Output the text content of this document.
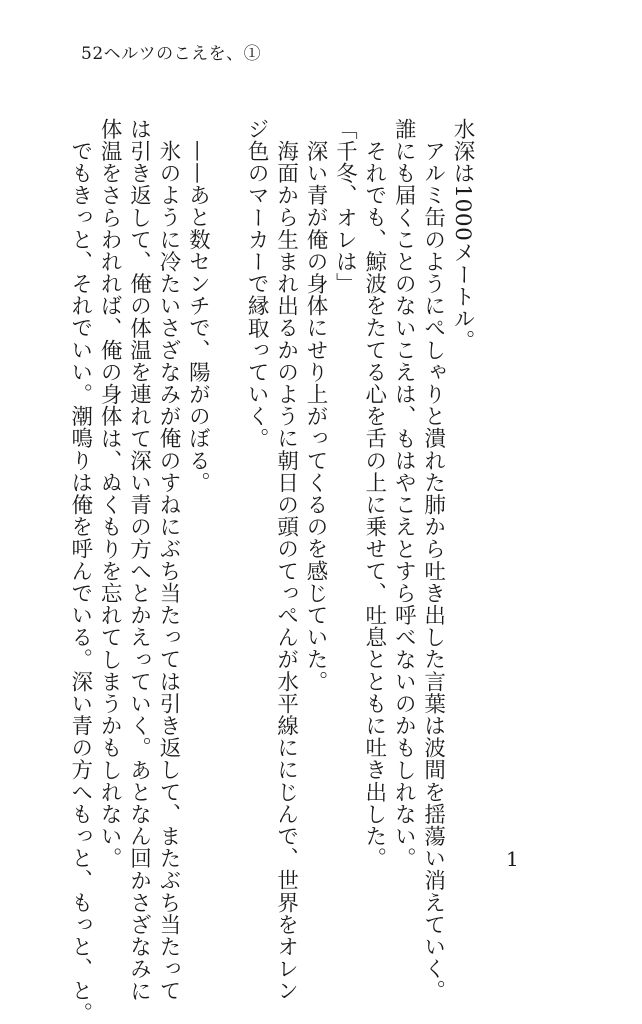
52ヘルツのこえを、①
水深は1000メートル。
アルミ缶のようにぺしゃりと潰れた肺から吐き出した言葉は波間を揺蕩い消えていく。
誰にも届くことのないこえは、もはやこえとすら呼べないのかもしれない。
それでも、鯨波をたてる心を舌の上に乗せて、吐息とともに吐き出した。
「千冬、オレは」
深い青が俺の身体にせり上がってくるのを感じていた。
海面から生まれ出るかのように朝日の頭のてっぺんが水平線ににじんで、世界をオレン
ジ色のマーカーで縁取っていく。
——あと数センチで、陽がのぼる。
氷のように冷たいさざなみが俺のすねにぶち当たっては引き返して、またぶち当たって
は引き返して、俺の体温を連れて深い青の方へとかえっていく。あとなん回かさざなみに
体温をさらわれれば、俺の身体は、ぬくもりを忘れてしまうかもしれない。
でもきっと、それでいい。潮鳴りは俺を呼んでいる。深い青の方へもっと、もっと、と。	1
